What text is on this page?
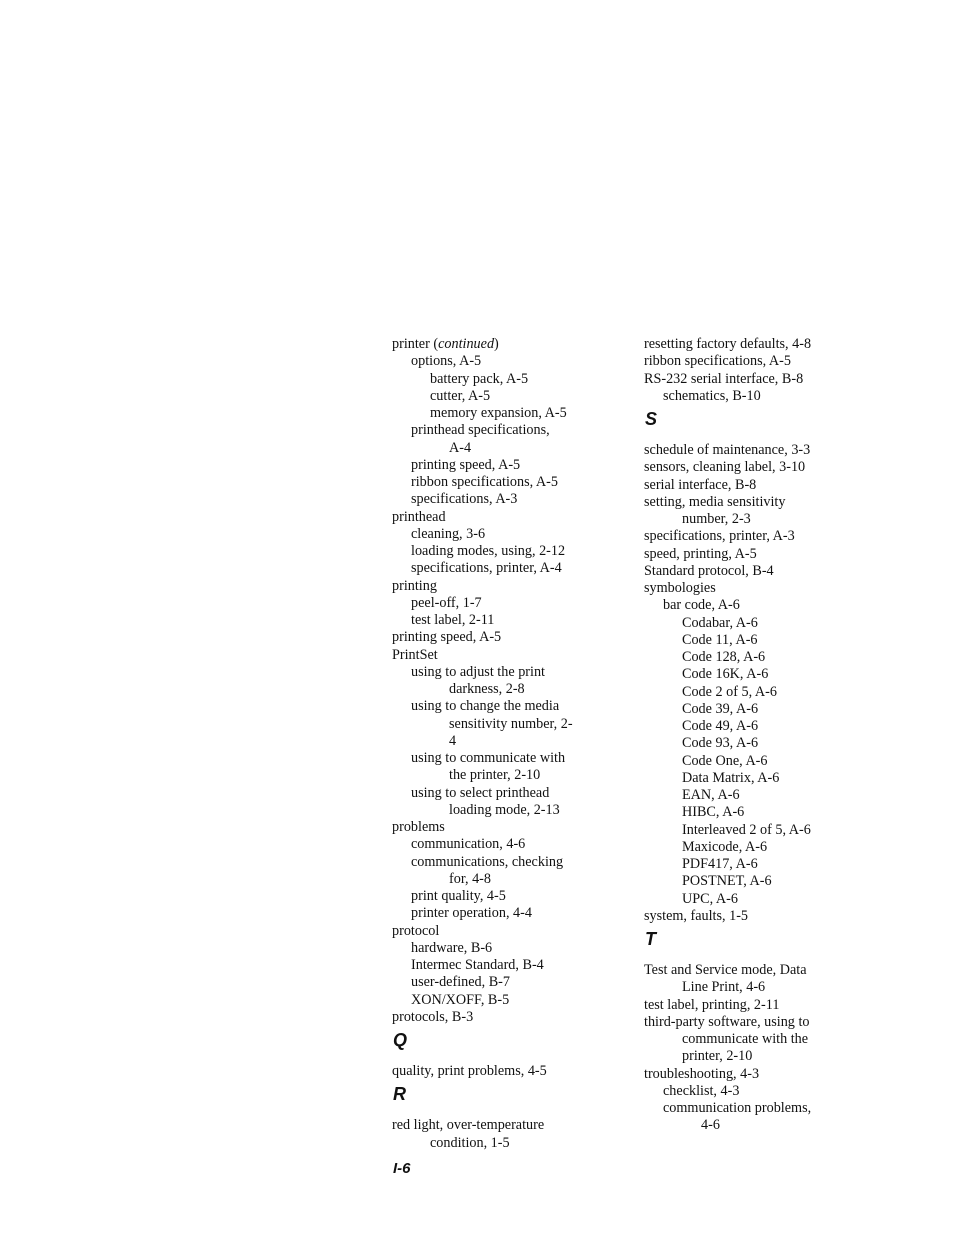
printer (continued)
options, A-5
battery pack, A-5
cutter, A-5
memory expansion, A-5
printhead specifications,
A-4
printing speed, A-5
ribbon specifications, A-5
specifications, A-3
printhead
cleaning, 3-6
loading modes, using, 2-12
specifications, printer, A-4
printing
peel-off, 1-7
test label, 2-11
printing speed, A-5
PrintSet
using to adjust the print
darkness, 2-8
using to change the media
sensitivity number, 2-
4
using to communicate with
the printer, 2-10
using to select printhead
loading mode, 2-13
problems
communication, 4-6
communications, checking
for, 4-8
print quality, 4-5
printer operation, 4-4
protocol
hardware, B-6
Intermec Standard, B-4
user-defined, B-7
XON/XOFF, B-5
protocols, B-3
Q
quality, print problems, 4-5
R
red light, over-temperature
condition, 1-5
resetting factory defaults, 4-8
ribbon specifications, A-5
RS-232 serial interface, B-8
schematics, B-10
S
schedule of maintenance, 3-3
sensors, cleaning label, 3-10
serial interface, B-8
setting, media sensitivity
number, 2-3
specifications, printer, A-3
speed, printing, A-5
Standard protocol, B-4
symbologies
bar code, A-6
Codabar, A-6
Code 11, A-6
Code 128, A-6
Code 16K, A-6
Code 2 of 5, A-6
Code 39, A-6
Code 49, A-6
Code 93, A-6
Code One, A-6
Data Matrix, A-6
EAN, A-6
HIBC, A-6
Interleaved 2 of 5, A-6
Maxicode, A-6
PDF417, A-6
POSTNET, A-6
UPC, A-6
system, faults, 1-5
T
Test and Service mode, Data
Line Print, 4-6
test label, printing, 2-11
third-party software, using to
communicate with the
printer, 2-10
troubleshooting, 4-3
checklist, 4-3
communication problems,
4-6
I-6
